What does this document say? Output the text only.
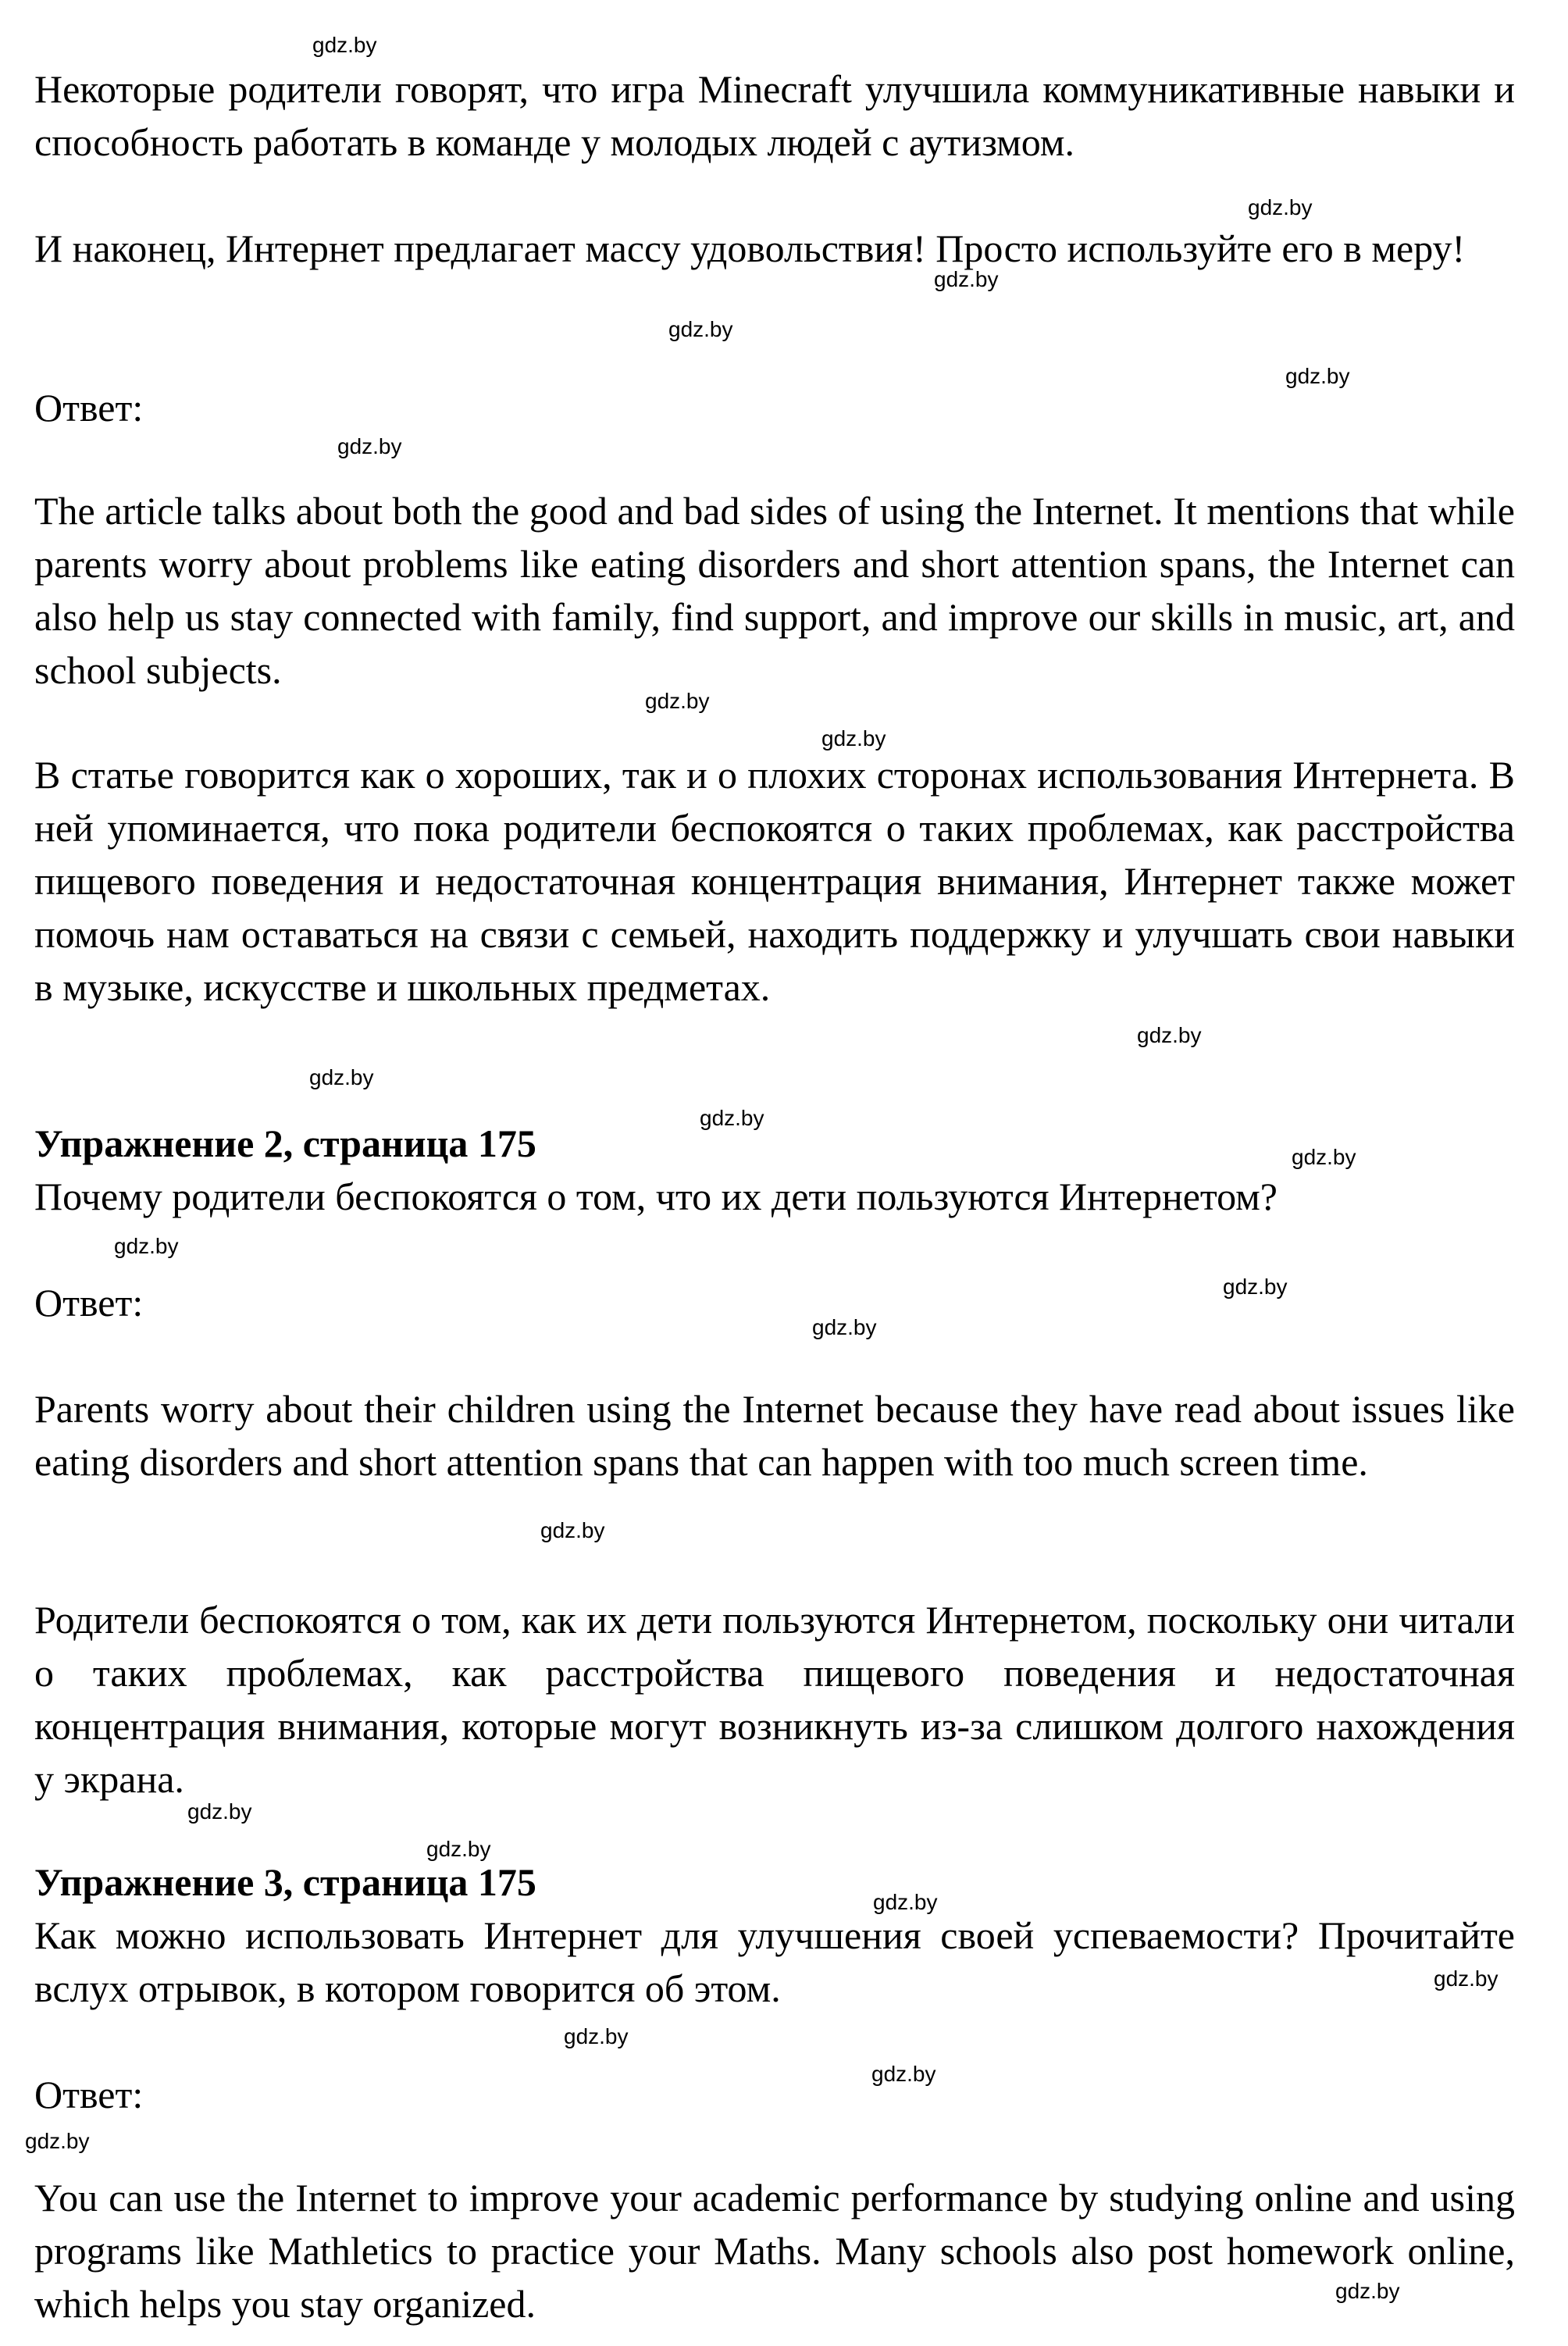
Некоторые родители говорят, что игра Minecraft улучшила коммуникативные навыки и способность работать в команде у молодых людей с аутизмом.

И наконец, Интернет предлагает массу удовольствия! Просто используйте его в меру!

Ответ:

The article talks about both the good and bad sides of using the Internet. It mentions that while parents worry about problems like eating disorders and short attention spans, the Internet can also help us stay connected with family, find support, and improve our skills in music, art, and school subjects.

В статье говорится как о хороших, так и о плохих сторонах использования Интернета. В ней упоминается, что пока родители беспокоятся о таких проблемах, как расстройства пищевого поведения и недостаточная концентрация внимания, Интернет также может помочь нам оставаться на связи с семьей, находить поддержку и улучшать свои навыки в музыке, искусстве и школьных предметах.

Упражнение 2, страница 175

Почему родители беспокоятся о том, что их дети пользуются Интернетом?

Ответ:

Parents worry about their children using the Internet because they have read about issues like eating disorders and short attention spans that can happen with too much screen time.

Родители беспокоятся о том, как их дети пользуются Интернетом, поскольку они читали о таких проблемах, как расстройства пищевого поведения и недостаточная концентрация внимания, которые могут возникнуть из-за слишком долгого нахождения у экрана.

Упражнение 3, страница 175

Как можно использовать Интернет для улучшения своей успеваемости? Прочитайте вслух отрывок, в котором говорится об этом.

Ответ:

You can use the Internet to improve your academic performance by studying online and using programs like Mathletics to practice your Maths. Many schools also post homework online, which helps you stay organized.

gdz.by
gdz.by
gdz.by
gdz.by
gdz.by
gdz.by
gdz.by
gdz.by
gdz.by
gdz.by
gdz.by
gdz.by
gdz.by
gdz.by
gdz.by
gdz.by
gdz.by
gdz.by
gdz.by
gdz.by
gdz.by
gdz.by
gdz.by
gdz.by
